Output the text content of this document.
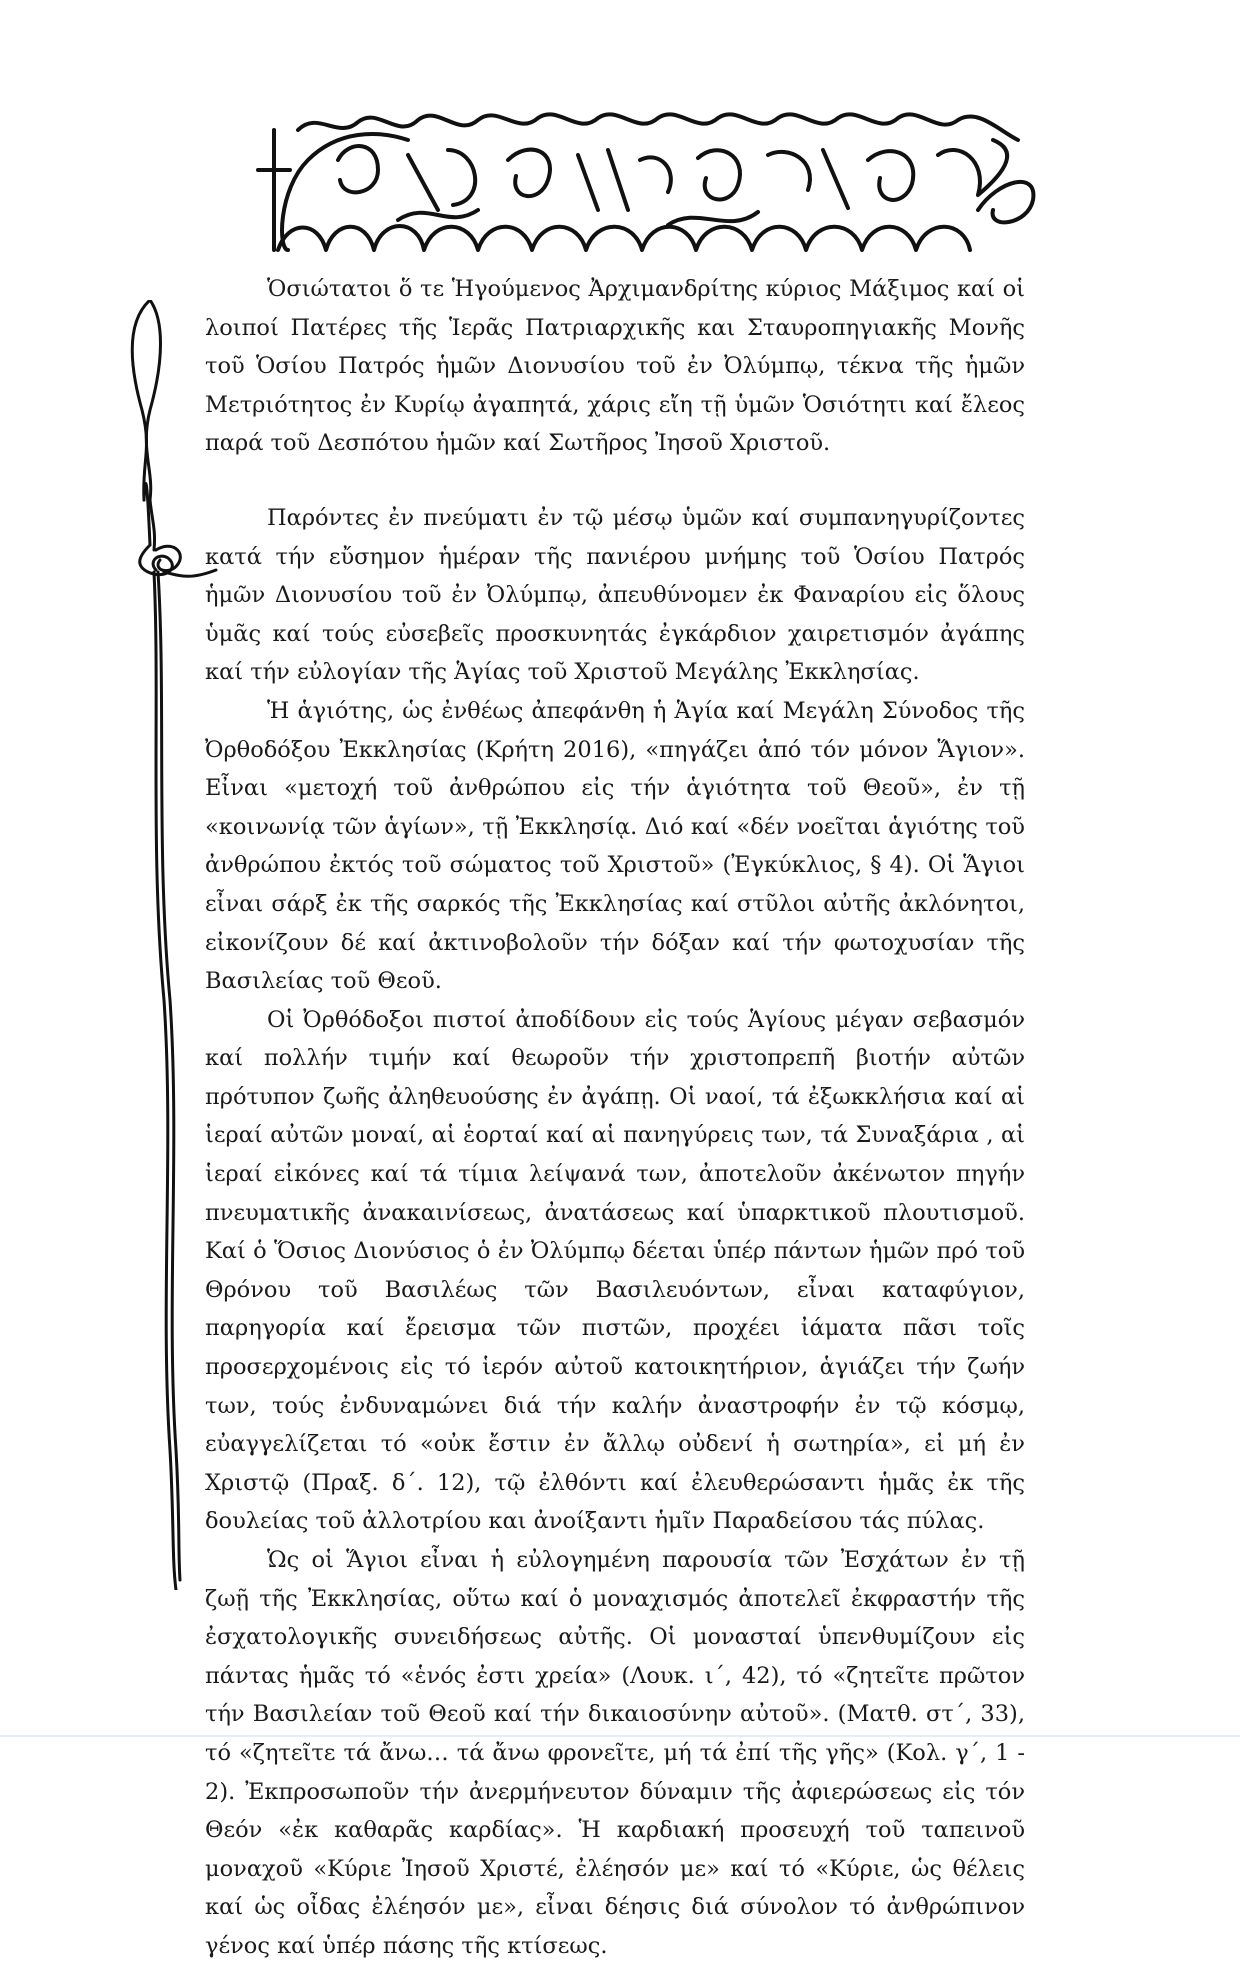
Ὁσιώτατοι ὅ τε Ἡγούμενος Ἀρχιμανδρίτης κύριος Μάξιμος καί οἱ λοιποί Πατέρες τῆς Ἱερᾶς Πατριαρχικῆς και Σταυροπηγιακῆς Μονῆς τοῦ Ὁσίου Πατρός ἡμῶν Διονυσίου τοῦ ἐν Ὀλύμπῳ, τέκνα τῆς ἡμῶν Μετριότητος ἐν Κυρίῳ ἀγαπητά, χάρις εἴη τῇ ὑμῶν Ὁσιότητι καί ἔλεος παρά τοῦ Δεσπότου ἡμῶν καί Σωτῆρος Ἰησοῦ Χριστοῦ.

Παρόντες ἐν πνεύματι ἐν τῷ μέσῳ ὑμῶν καί συμπανηγυρίζοντες κατά τήν εὔσημον ἡμέραν τῆς πανιέρου μνήμης τοῦ Ὁσίου Πατρός ἡμῶν Διονυσίου τοῦ ἐν Ὀλύμπῳ, ἀπευθύνομεν ἐκ Φαναρίου εἰς ὅλους ὑμᾶς καί τούς εὐσεβεῖς προσκυνητάς ἐγκάρδιον χαιρετισμόν ἀγάπης καί τήν εὐλογίαν τῆς Ἁγίας τοῦ Χριστοῦ Μεγάλης Ἐκκλησίας.

Ἡ ἁγιότης, ὡς ἐνθέως ἀπεφάνθη ἡ Ἁγία καί Μεγάλη Σύνοδος τῆς Ὀρθοδόξου Ἐκκλησίας (Κρήτη 2016), «πηγάζει ἀπό τόν μόνον Ἅγιον». Εἶναι «μετοχή τοῦ ἀνθρώπου εἰς τήν ἁγιότητα τοῦ Θεοῦ», ἐν τῇ «κοινωνίᾳ τῶν ἁγίων», τῇ Ἐκκλησίᾳ. Διό καί «δέν νοεῖται ἁγιότης τοῦ ἀνθρώπου ἐκτός τοῦ σώματος τοῦ Χριστοῦ» (Ἐγκύκλιος, § 4). Οἱ Ἅγιοι εἶναι σάρξ ἐκ τῆς σαρκός τῆς Ἐκκλησίας καί στῦλοι αὐτῆς ἀκλόνητοι, εἰκονίζουν δέ καί ἀκτινοβολοῦν τήν δόξαν καί τήν φωτοχυσίαν τῆς Βασιλείας τοῦ Θεοῦ.

Οἱ Ὀρθόδοξοι πιστοί ἀποδίδουν εἰς τούς Ἁγίους μέγαν σεβασμόν καί πολλήν τιμήν καί θεωροῦν τήν χριστοπρεπῆ βιοτήν αὐτῶν πρότυπον ζωῆς ἀληθευούσης ἐν ἀγάπῃ. Οἱ ναοί, τά ἐξωκκλήσια καί αἱ ἱεραί αὐτῶν μοναί, αἱ ἑορταί καί αἱ πανηγύρεις των, τά Συναξάρια , αἱ ἱεραί εἰκόνες καί τά τίμια λείψανά των, ἀποτελοῦν ἀκένωτον πηγήν πνευματικῆς ἀνακαινίσεως, ἀνατάσεως καί ὑπαρκτικοῦ πλουτισμοῦ. Καί ὁ Ὅσιος Διονύσιος ὁ ἐν Ὀλύμπῳ δέεται ὑπέρ πάντων ἡμῶν πρό τοῦ Θρόνου τοῦ Βασιλέως τῶν Βασιλευόντων, εἶναι καταφύγιον, παρηγορία καί ἔρεισμα τῶν πιστῶν, προχέει ἰάματα πᾶσι τοῖς προσερχομένοις εἰς τό ἱερόν αὐτοῦ κατοικητήριον, ἁγιάζει τήν ζωήν των, τούς ἐνδυναμώνει διά τήν καλήν ἀναστροφήν ἐν τῷ κόσμῳ, εὐαγγελίζεται τό «οὐκ ἔστιν ἐν ἄλλῳ οὐδενί ἡ σωτηρία», εἰ μή ἐν Χριστῷ (Πραξ. δ΄. 12), τῷ ἐλθόντι καί ἐλευθερώσαντι ἡμᾶς ἐκ τῆς δουλείας τοῦ ἀλλοτρίου και ἀνοίξαντι ἡμῖν Παραδείσου τάς πύλας.

Ὡς οἱ Ἅγιοι εἶναι ἡ εὐλογημένη παρουσία τῶν Ἐσχάτων ἐν τῇ ζωῇ τῆς Ἐκκλησίας, οὕτω καί ὁ μοναχισμός ἀποτελεῖ ἐκφραστήν τῆς ἐσχατολογικῆς συνειδήσεως αὐτῆς. Οἱ μονασταί ὑπενθυμίζουν εἰς πάντας ἡμᾶς τό «ἑνός ἐστι χρεία» (Λουκ. ι΄, 42), τό «ζητεῖτε πρῶτον τήν Βασιλείαν τοῦ Θεοῦ καί τήν δικαιοσύνην αὐτοῦ». (Ματθ. στ΄, 33), τό «ζητεῖτε τά ἄνω… τά ἄνω φρονεῖτε, μή τά ἐπί τῆς γῆς» (Κολ. γ΄, 1 - 2). Ἐκπροσωποῦν τήν ἀνερμήνευτον δύναμιν τῆς ἀφιερώσεως εἰς τόν Θεόν «ἐκ καθαρᾶς καρδίας». Ἡ καρδιακή προσευχή τοῦ ταπεινοῦ μοναχοῦ «Κύριε Ἰησοῦ Χριστέ, ἐλέησόν με» καί τό «Κύριε, ὡς θέλεις καί ὡς οἶδας ἐλέησόν με», εἶναι δέησις διά σύνολον τό ἀνθρώπινον γένος καί ὑπέρ πάσης τῆς κτίσεως.
